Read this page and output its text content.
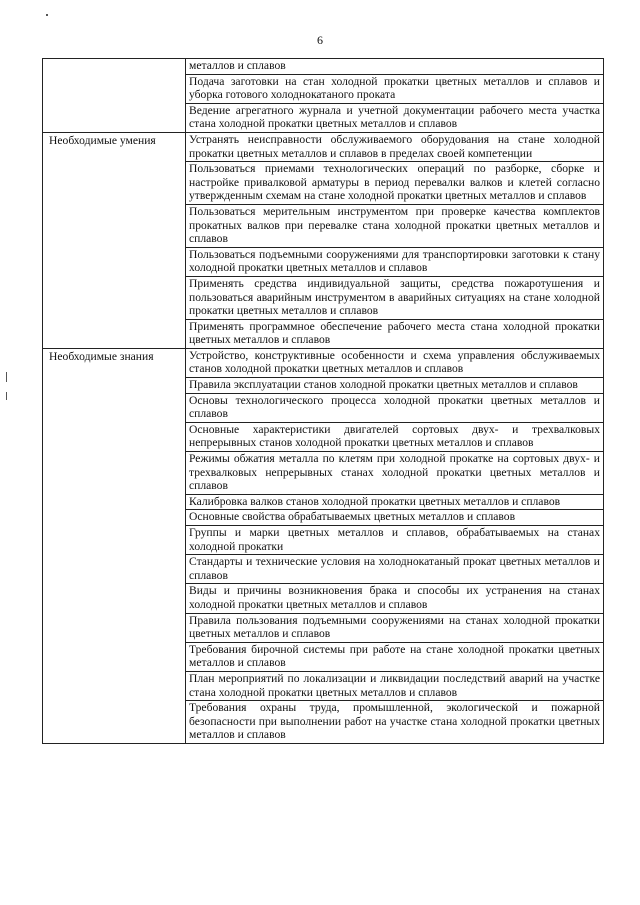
6
	металлов и сплавов
	Подача заготовки на стан холодной прокатки цветных металлов и сплавов и уборка готового холоднокатаного проката
	Ведение агрегатного журнала и учетной документации рабочего места участка стана холодной прокатки цветных металлов и сплавов
Необходимые умения	Устранять неисправности обслуживаемого оборудования на стане холодной прокатки цветных металлов и сплавов в пределах своей компетенции
	Пользоваться приемами технологических операций по разборке, сборке и настройке привалковой арматуры в период перевалки валков и клетей согласно утвержденным схемам на стане холодной прокатки цветных металлов и сплавов
	Пользоваться мерительным инструментом при проверке качества комплектов прокатных валков при перевалке стана холодной прокатки цветных металлов и сплавов
	Пользоваться подъемными сооружениями для транспортировки заготовки к стану холодной прокатки цветных металлов и сплавов
	Применять средства индивидуальной защиты, средства пожаротушения и пользоваться аварийным инструментом в аварийных ситуациях на стане холодной прокатки цветных металлов и сплавов
	Применять программное обеспечение рабочего места стана холодной прокатки цветных металлов и сплавов
Необходимые знания	Устройство, конструктивные особенности и схема управления обслуживаемых станов холодной прокатки цветных металлов и сплавов
	Правила эксплуатации станов холодной прокатки цветных металлов и сплавов
	Основы технологического процесса холодной прокатки цветных металлов и сплавов
	Основные характеристики двигателей сортовых двух- и трехвалковых непрерывных станов холодной прокатки цветных металлов и сплавов
	Режимы обжатия металла по клетям при холодной прокатке на сортовых двух- и трехвалковых непрерывных станах холодной прокатки цветных металлов и сплавов
	Калибровка валков станов холодной прокатки цветных металлов и сплавов
	Основные свойства обрабатываемых цветных металлов и сплавов
	Группы и марки цветных металлов и сплавов, обрабатываемых на станах холодной прокатки
	Стандарты и технические условия на холоднокатаный прокат цветных металлов и сплавов
	Виды и причины возникновения брака и способы их устранения на станах холодной прокатки цветных металлов и сплавов
	Правила пользования подъемными сооружениями на станах холодной прокатки цветных металлов и сплавов
	Требования бирочной системы при работе на стане холодной прокатки цветных металлов и сплавов
	План мероприятий по локализации и ликвидации последствий аварий на участке стана холодной прокатки цветных металлов и сплавов
	Требования охраны труда, промышленной, экологической и пожарной безопасности при выполнении работ на участке стана холодной прокатки цветных металлов и сплавов
